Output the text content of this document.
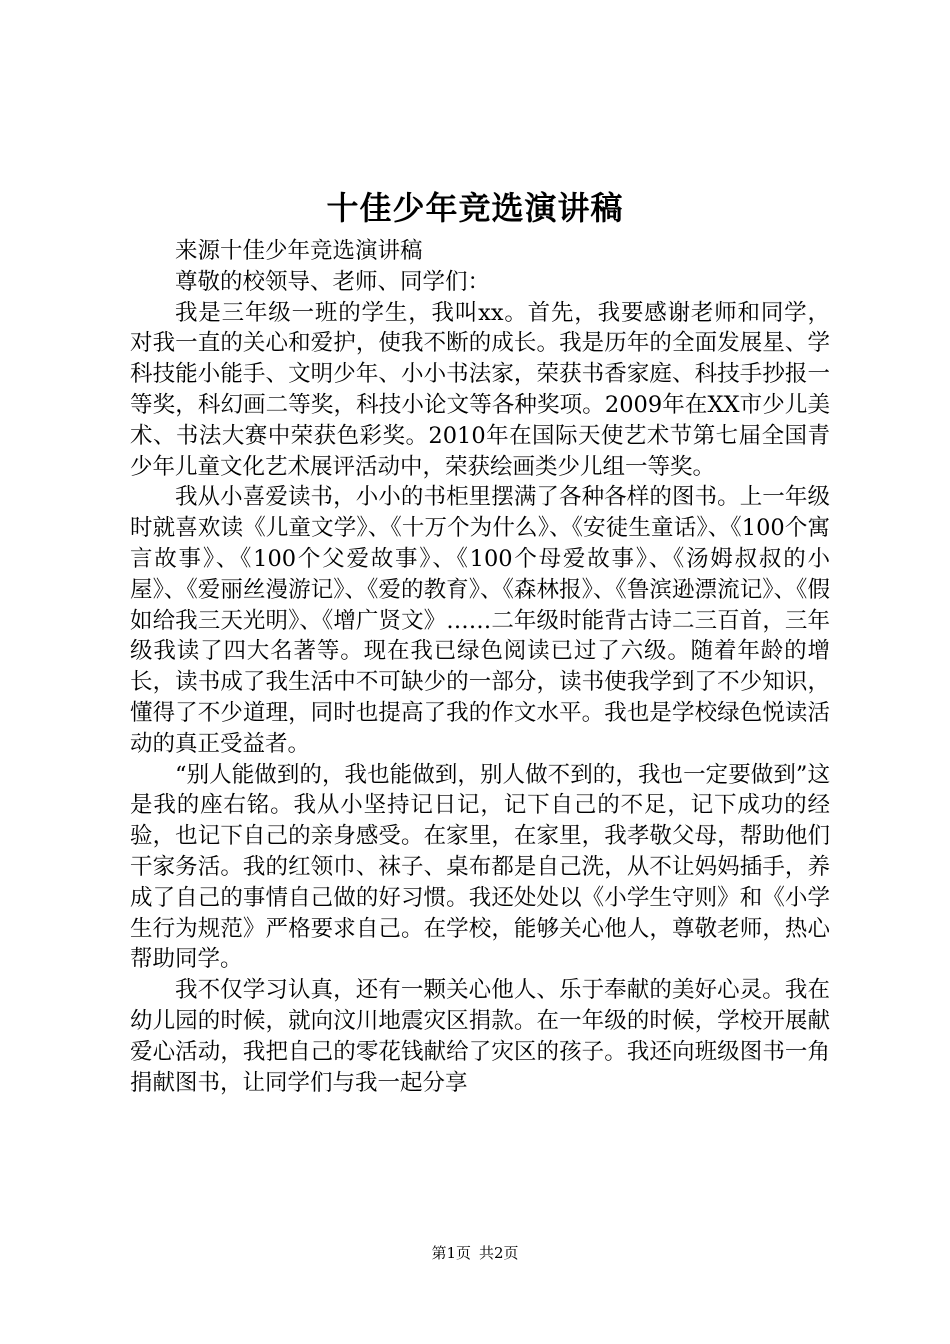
十佳少年竞选演讲稿

来源十佳少年竞选演讲稿

尊敬的校领导、老师、同学们：

我是三年级一班的学生，我叫xx。首先，我要感谢老师和同学，对我一直的关心和爱护，使我不断的成长。我是历年的全面发展星、学科技能小能手、文明少年、小小书法家，荣获书香家庭、科技手抄报一等奖，科幻画二等奖，科技小论文等各种奖项。2009年在XX市少儿美术、书法大赛中荣获色彩奖。2010年在国际天使艺术节第七届全国青少年儿童文化艺术展评活动中，荣获绘画类少儿组一等奖。

我从小喜爱读书，小小的书柜里摆满了各种各样的图书。上一年级时就喜欢读《儿童文学》、《十万个为什么》、《安徒生童话》、《100个寓言故事》、《100个父爱故事》、《100个母爱故事》、《汤姆叔叔的小屋》、《爱丽丝漫游记》、《爱的教育》、《森林报》、《鲁滨逊漂流记》、《假如给我三天光明》、《增广贤文》……二年级时能背古诗二三百首，三年级我读了四大名著等。现在我已绿色阅读已过了六级。随着年龄的增长，读书成了我生活中不可缺少的一部分，读书使我学到了不少知识，懂得了不少道理，同时也提高了我的作文水平。我也是学校绿色悦读活动的真正受益者。

“别人能做到的，我也能做到，别人做不到的，我也一定要做到”这是我的座右铭。我从小坚持记日记，记下自己的不足，记下成功的经验，也记下自己的亲身感受。在家里，在家里，我孝敬父母，帮助他们干家务活。我的红领巾、袜子、桌布都是自己洗，从不让妈妈插手，养成了自己的事情自己做的好习惯。我还处处以《小学生守则》和《小学生行为规范》严格要求自己。在学校，能够关心他人，尊敬老师，热心帮助同学。

我不仅学习认真，还有一颗关心他人、乐于奉献的美好心灵。我在幼儿园的时候，就向汶川地震灾区捐款。在一年级的时候，学校开展献爱心活动，我把自己的零花钱献给了灾区的孩子。我还向班级图书一角捐献图书，让同学们与我一起分享

第1页 共2页
